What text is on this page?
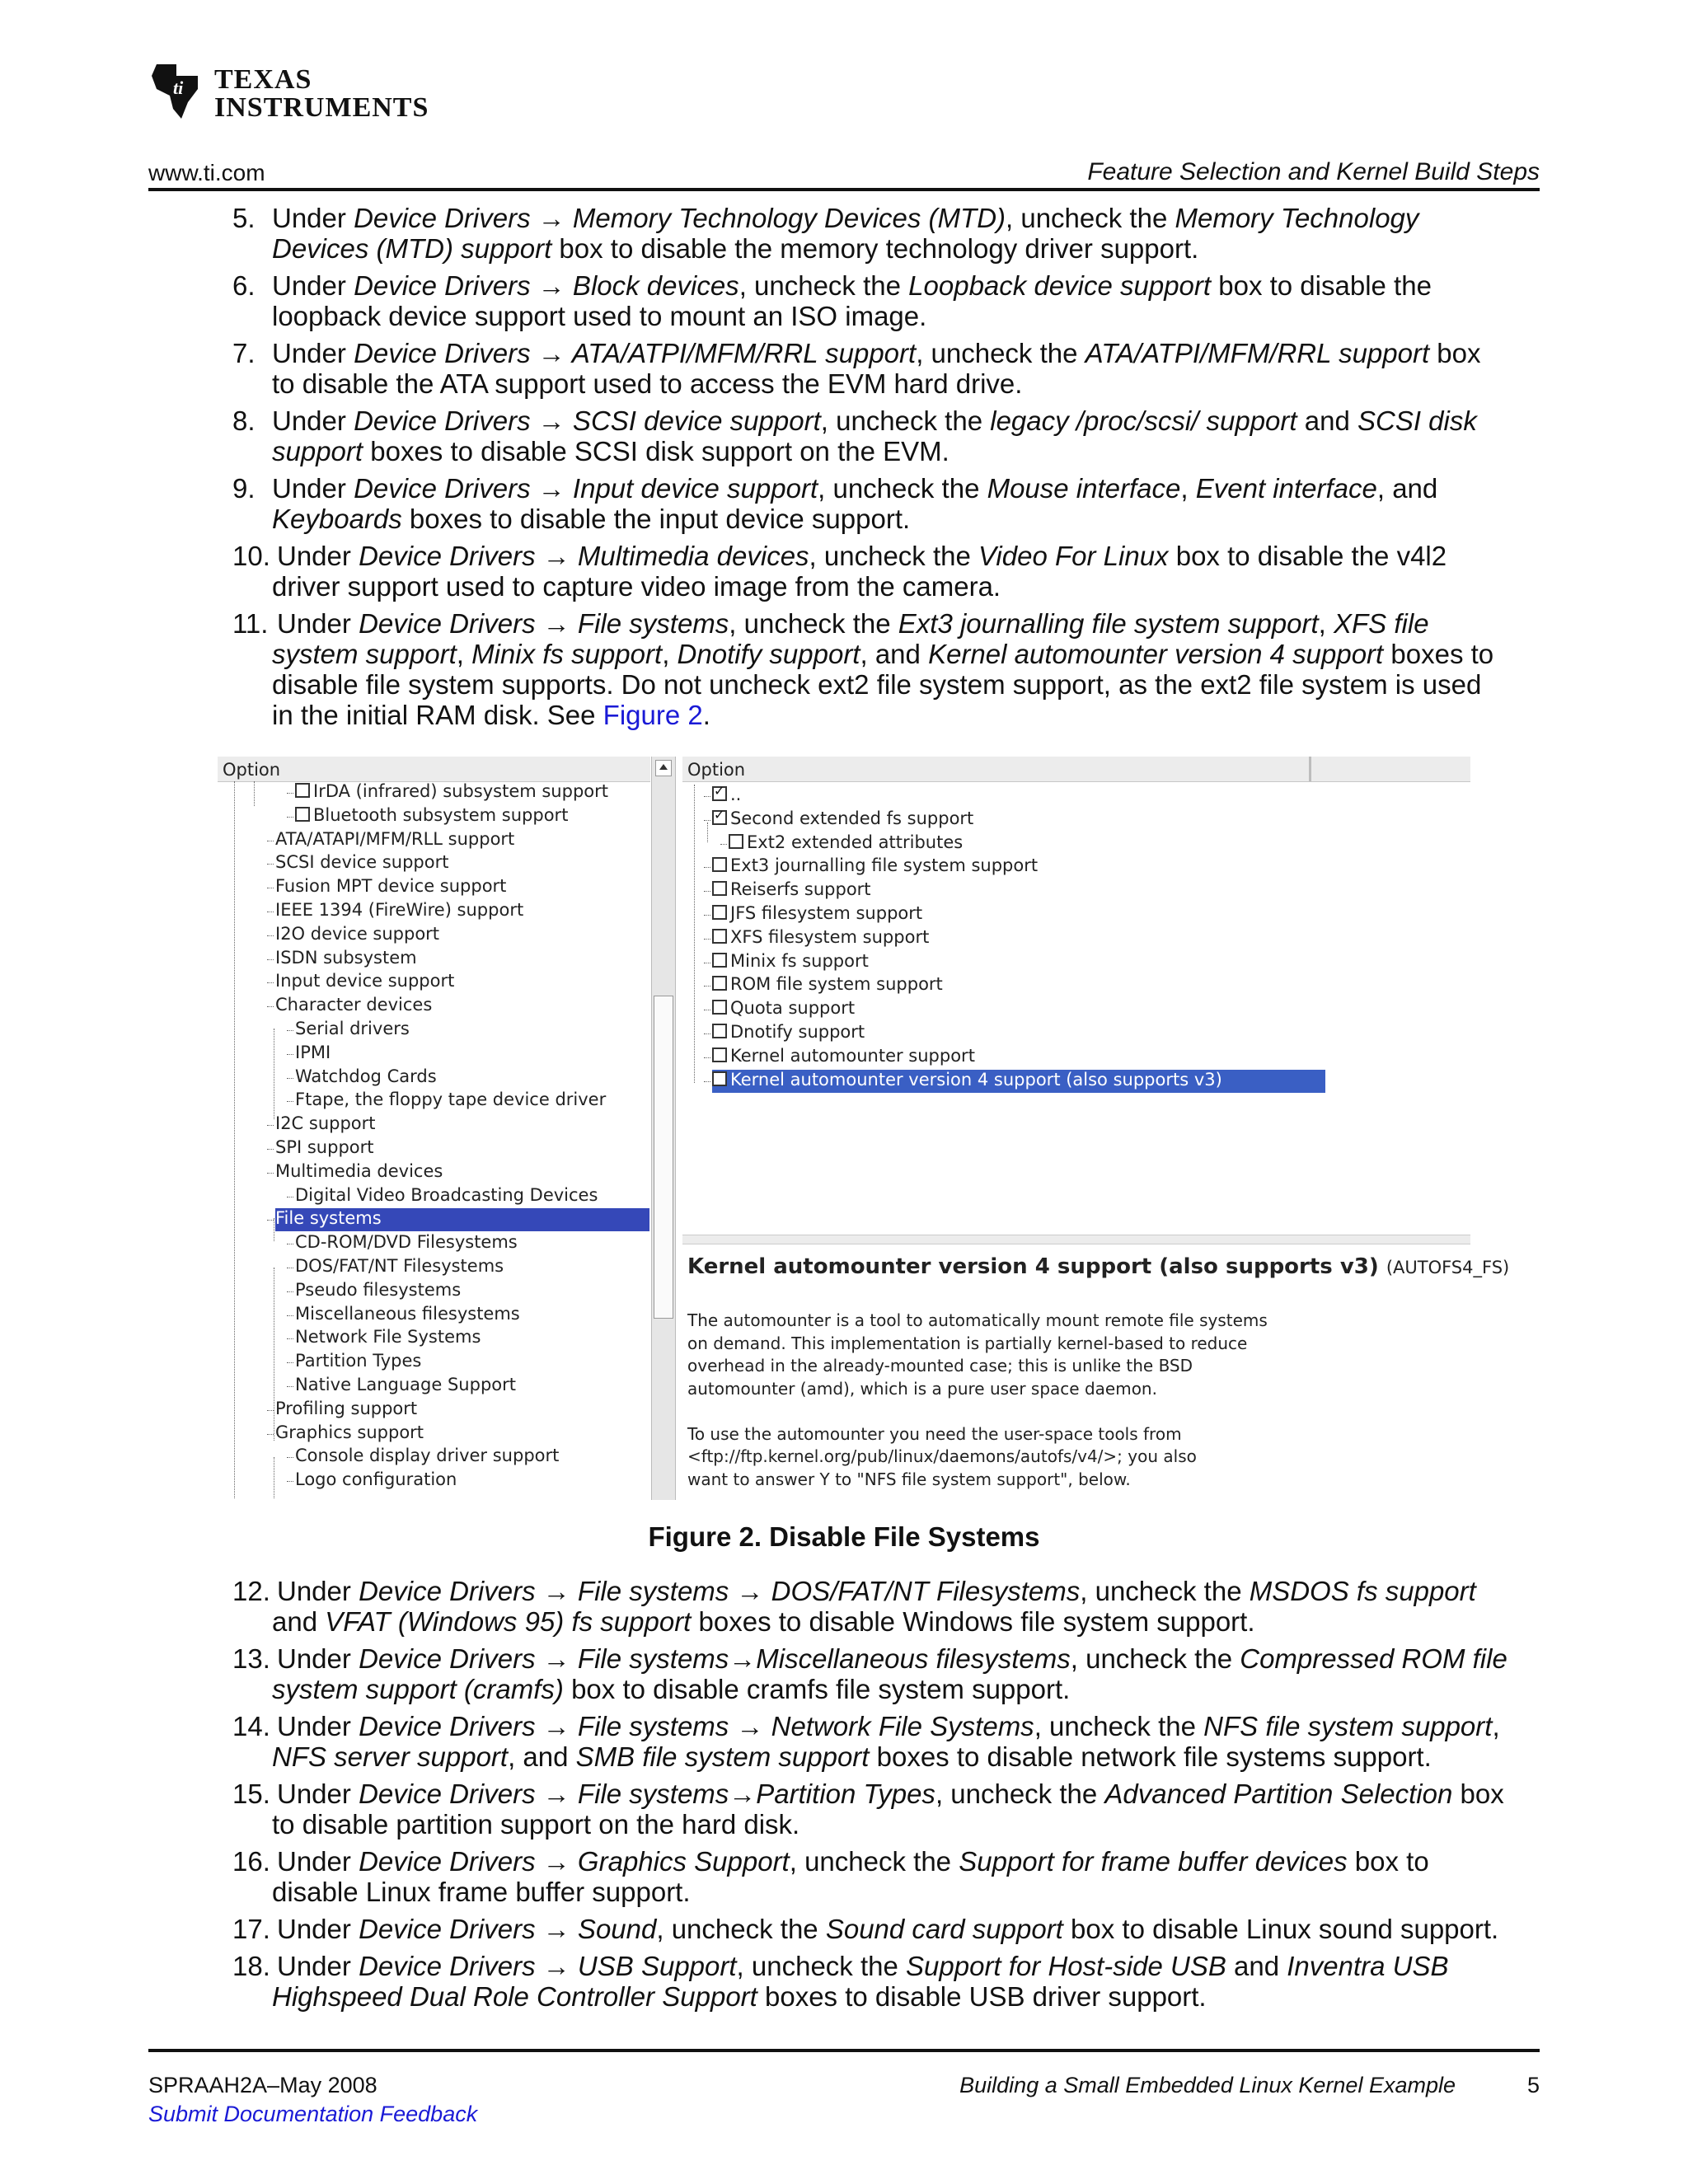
ti TEXAS
INSTRUMENTS
www.ti.com	Feature Selection and Kernel Build Steps
5. Under Device Drivers → Memory Technology Devices (MTD), uncheck the Memory Technology
Devices (MTD) support box to disable the memory technology driver support.
6. Under Device Drivers → Block devices, uncheck the Loopback device support box to disable the
loopback device support used to mount an ISO image.
7. Under Device Drivers → ATA/ATPI/MFM/RRL support, uncheck the ATA/ATPI/MFM/RRL support box
to disable the ATA support used to access the EVM hard drive.
8. Under Device Drivers → SCSI device support, uncheck the legacy /proc/scsi/ support and SCSI disk
support boxes to disable SCSI disk support on the EVM.
9. Under Device Drivers → Input device support, uncheck the Mouse interface, Event interface, and
Keyboards boxes to disable the input device support.
10. Under Device Drivers → Multimedia devices, uncheck the Video For Linux box to disable the v4l2
driver support used to capture video image from the camera.
11. Under Device Drivers → File systems, uncheck the Ext3 journalling file system support, XFS file
system support, Minix fs support, Dnotify support, and Kernel automounter version 4 support boxes to
disable file system supports. Do not uncheck ext2 file system support, as the ext2 file system is used
in the initial RAM disk. See Figure 2.
Option
IrDA (infrared) subsystem support
Bluetooth subsystem support
ATA/ATAPI/MFM/RLL support
SCSI device support
Fusion MPT device support
IEEE 1394 (FireWire) support
I2O device support
ISDN subsystem
Input device support
Character devices
Serial drivers
IPMI
Watchdog Cards
Ftape, the floppy tape device driver
I2C support
SPI support
Multimedia devices
Digital Video Broadcasting Devices
File systems
CD-ROM/DVD Filesystems
DOS/FAT/NT Filesystems
Pseudo filesystems
Miscellaneous filesystems
Network File Systems
Partition Types
Native Language Support
Profiling support
Graphics support
Console display driver support
Logo configuration
Option
✓..
✓Second extended fs support
Ext2 extended attributes
Ext3 journalling file system support
Reiserfs support
JFS filesystem support
XFS filesystem support
Minix fs support
ROM file system support
Quota support
Dnotify support
Kernel automounter support
Kernel automounter version 4 support (also supports v3)
Kernel automounter version 4 support (also supports v3) (AUTOFS4_FS)
The automounter is a tool to automatically mount remote file systems
on demand. This implementation is partially kernel-based to reduce
overhead in the already-mounted case; this is unlike the BSD
automounter (amd), which is a pure user space daemon.
To use the automounter you need the user-space tools from
<ftp://ftp.kernel.org/pub/linux/daemons/autofs/v4/>; you also
want to answer Y to "NFS file system support", below.
Figure 2. Disable File Systems
12. Under Device Drivers → File systems → DOS/FAT/NT Filesystems, uncheck the MSDOS fs support
and VFAT (Windows 95) fs support boxes to disable Windows file system support.
13. Under Device Drivers → File systems→Miscellaneous filesystems, uncheck the Compressed ROM file
system support (cramfs) box to disable cramfs file system support.
14. Under Device Drivers → File systems → Network File Systems, uncheck the NFS file system support,
NFS server support, and SMB file system support boxes to disable network file systems support.
15. Under Device Drivers → File systems→Partition Types, uncheck the Advanced Partition Selection box
to disable partition support on the hard disk.
16. Under Device Drivers → Graphics Support, uncheck the Support for frame buffer devices box to
disable Linux frame buffer support.
17. Under Device Drivers → Sound, uncheck the Sound card support box to disable Linux sound support.
18. Under Device Drivers → USB Support, uncheck the Support for Host-side USB and Inventra USB
Highspeed Dual Role Controller Support boxes to disable USB driver support.
SPRAAH2A–May 2008
Submit Documentation Feedback
Building a Small Embedded Linux Kernel Example	5
